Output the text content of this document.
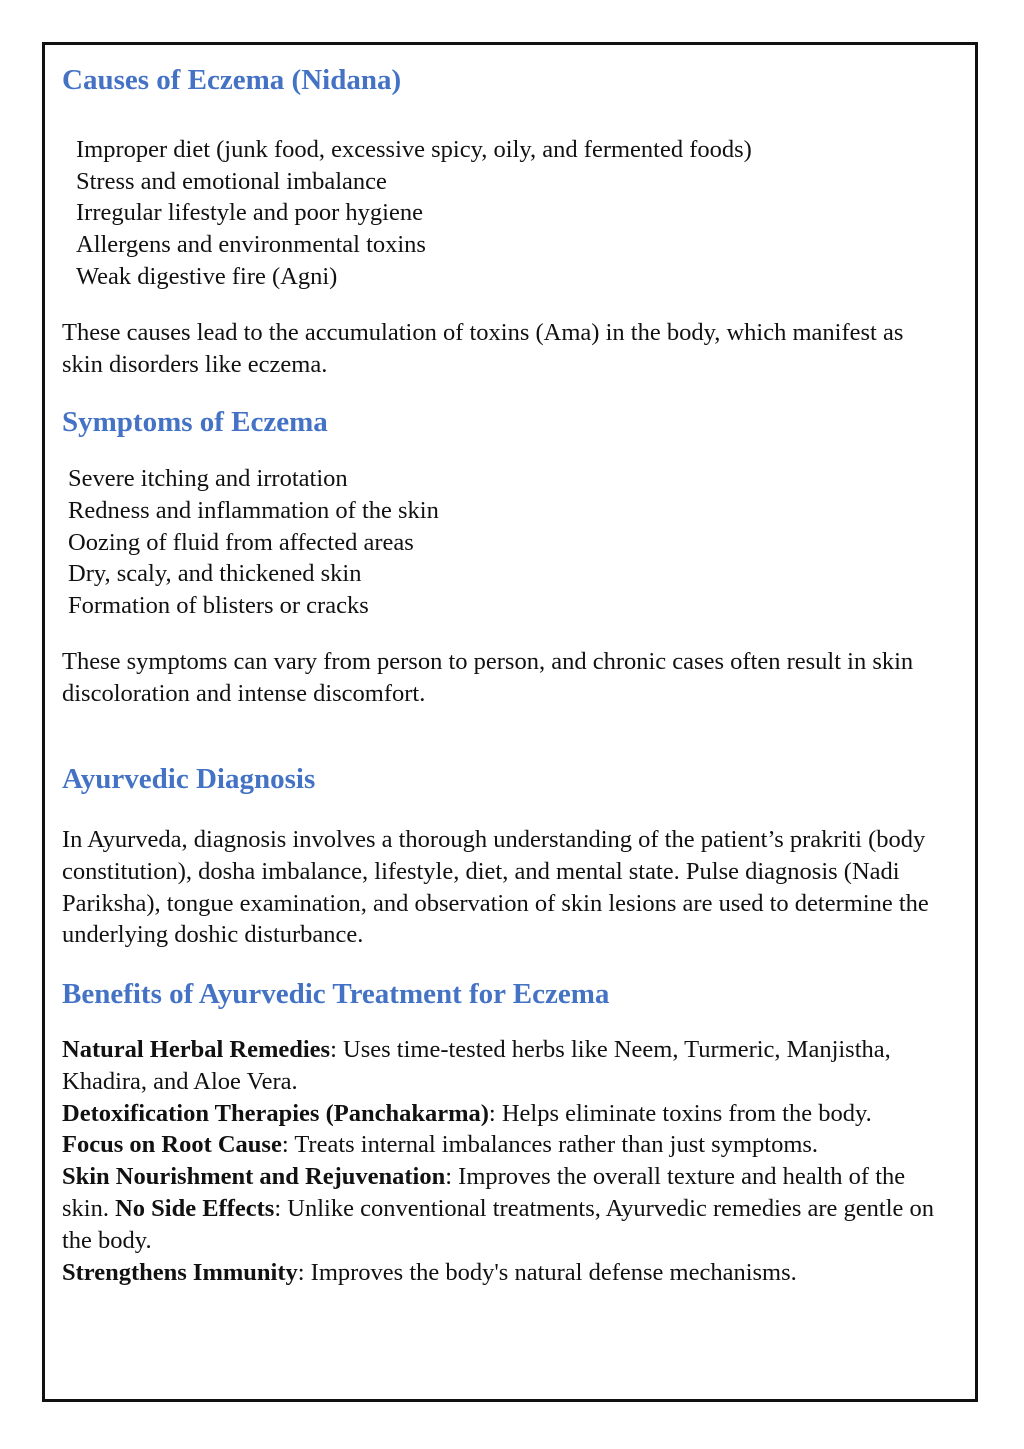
Causes of Eczema (Nidana)

Improper diet (junk food, excessive spicy, oily, and fermented foods)

Stress and emotional imbalance

Irregular lifestyle and poor hygiene

Allergens and environmental toxins

Weak digestive fire (Agni)

These causes lead to the accumulation of toxins (Ama) in the body, which manifest as skin disorders like eczema.

Symptoms of Eczema

Severe itching and irrotation

Redness and inflammation of the skin

Oozing of fluid from affected areas

Dry, scaly, and thickened skin

Formation of blisters or cracks

These symptoms can vary from person to person, and chronic cases often result in skin discoloration and intense discomfort.

Ayurvedic Diagnosis

In Ayurveda, diagnosis involves a thorough understanding of the patient’s prakriti (body constitution), dosha imbalance, lifestyle, diet, and mental state. Pulse diagnosis (Nadi Pariksha), tongue examination, and observation of skin lesions are used to determine the underlying doshic disturbance.

Benefits of Ayurvedic Treatment for Eczema
Natural Herbal Remedies: Uses time-tested herbs like Neem, Turmeric, Manjistha, Khadira, and Aloe Vera.
Detoxification Therapies (Panchakarma): Helps eliminate toxins from the body.
Focus on Root Cause: Treats internal imbalances rather than just symptoms.
Skin Nourishment and Rejuvenation: Improves the overall texture and health of the skin. No Side Effects: Unlike conventional treatments, Ayurvedic remedies are gentle on the body.
Strengthens Immunity: Improves the body's natural defense mechanisms.
